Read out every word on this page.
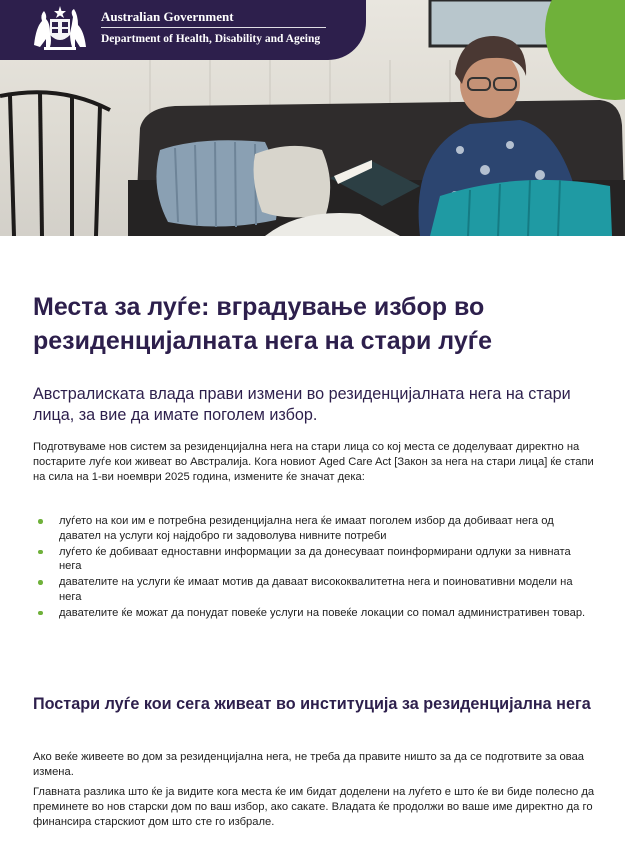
Australian Government
Department of Health, Disability and Ageing
Места за луѓе: вградување избор во резиденцијалната нега на стари луѓе

Австралиската влада прави измени во резиденцијалната нега на стари лица, за вие да имате поголем избор.

Подготвуваме нов систем за резиденцијална нега на стари лица со кој места се доделуваат директно на постарите луѓе кои живеат во Австралија. Кога новиот Aged Care Act [Закон за нега на стари лица] ќе стапи на сила на 1-ви ноември 2025 година, измените ќе значат дека:

луѓето на кои им е потребна резиденцијална нега ќе имаат поголем избор да добиваат нега од давател на услуги кој најдобро ги задоволува нивните потреби
луѓето ќе добиваат едноставни информации за да донесуваат поинформирани одлуки за нивната нега
давателите на услуги ќе имаат мотив да даваат висококвалитетна нега и поиновативни модели на нега
давателите ќе можат да понудат повеќе услуги на повеќе локации со помал административен товар.
Постари луѓе кои сега живеат во институција за резиденцијална нега

Ако веќе живеете во дом за резиденцијална нега, не треба да правите ништо за да се подготвите за оваа измена.

Главната разлика што ќе ја видите кога места ќе им бидат доделени на луѓето е што ќе ви биде полесно да преминете во нов старски дом по ваш избор, ако сакате. Владата ќе продолжи во ваше име директно да го финансира старскиот дом што сте го избрале.
